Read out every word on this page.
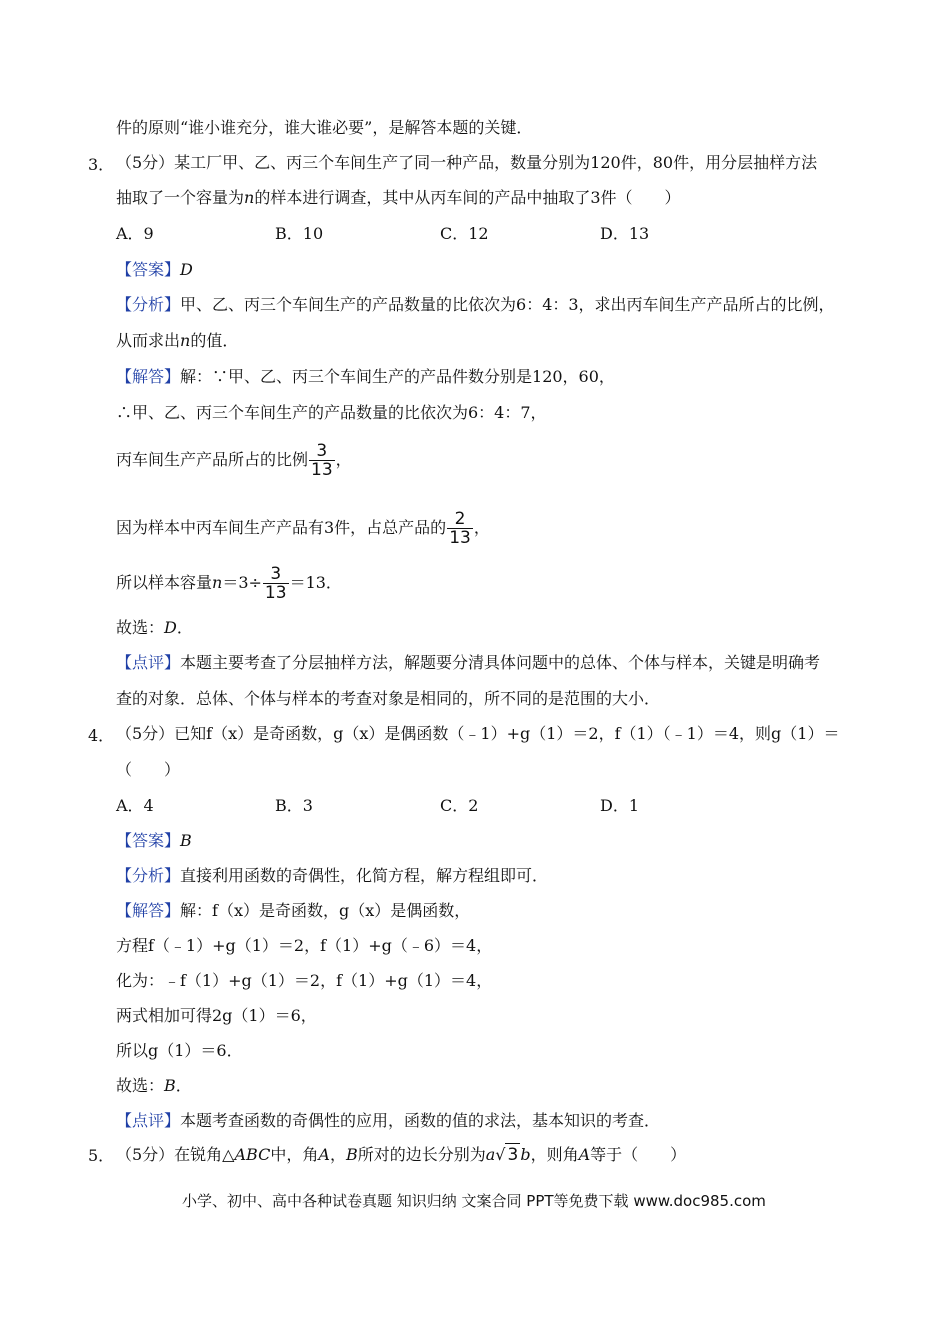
件的原则“谁小谁充分，谁大谁必要”，是解答本题的关键．
3． （5分）某工厂甲、乙、丙三个车间生产了同一种产品，数量分别为120件，80件，用分层抽样方法
抽取了一个容量为n的样本进行调查，其中从丙车间的产品中抽取了3件（　　）
A．9	B．10	C．12	D．13
【答案】D
【分析】甲、乙、丙三个车间生产的产品数量的比依次为6：4：3，求出丙车间生产产品所占的比例，
从而求出n的值．
【解答】解：∵甲、乙、丙三个车间生产的产品件数分别是120，60，
∴甲、乙、丙三个车间生产的产品数量的比依次为6：4：7，
丙车间生产产品所占的比例 $\frac{3}{13}$ ，
因为样本中丙车间生产产品有3件，占总产品的 $\frac{2}{13}$ ，
所以样本容量$n=3\div \frac{3}{13} =13$．
故选：D．
【点评】本题主要考查了分层抽样方法，解题要分清具体问题中的总体、个体与样本，关键是明确考
查的对象．总体、个体与样本的考查对象是相同的，所不同的是范围的大小．
4． （5分）已知f（x）是奇函数，g（x）是偶函数（﹣1）+g（1）＝2，f（1）（﹣1）＝4，则g（1）＝
（　　）
A．4	B．3	C．2	D．1
【答案】B
【分析】直接利用函数的奇偶性，化简方程，解方程组即可．
【解答】解：f（x）是奇函数，g（x）是偶函数，
方程f（﹣1）+g（1）＝2，f（1）+g（﹣6）＝4，
化为：﹣f（1）+g（1）＝2，f（1）+g（1）＝4，
两式相加可得2g（1）＝6，
所以g（1）＝6．
故选：B．
【点评】本题考查函数的奇偶性的应用，函数的值的求法，基本知识的考查．
5． （5分）在锐角△ABC中，角A，B所对的边长分别为a√ 3 b，则角A等于（　　）
小学、初中、高中各种试卷真题 知识归纳 文案合同 PPT等免费下载 www.doc985.com
